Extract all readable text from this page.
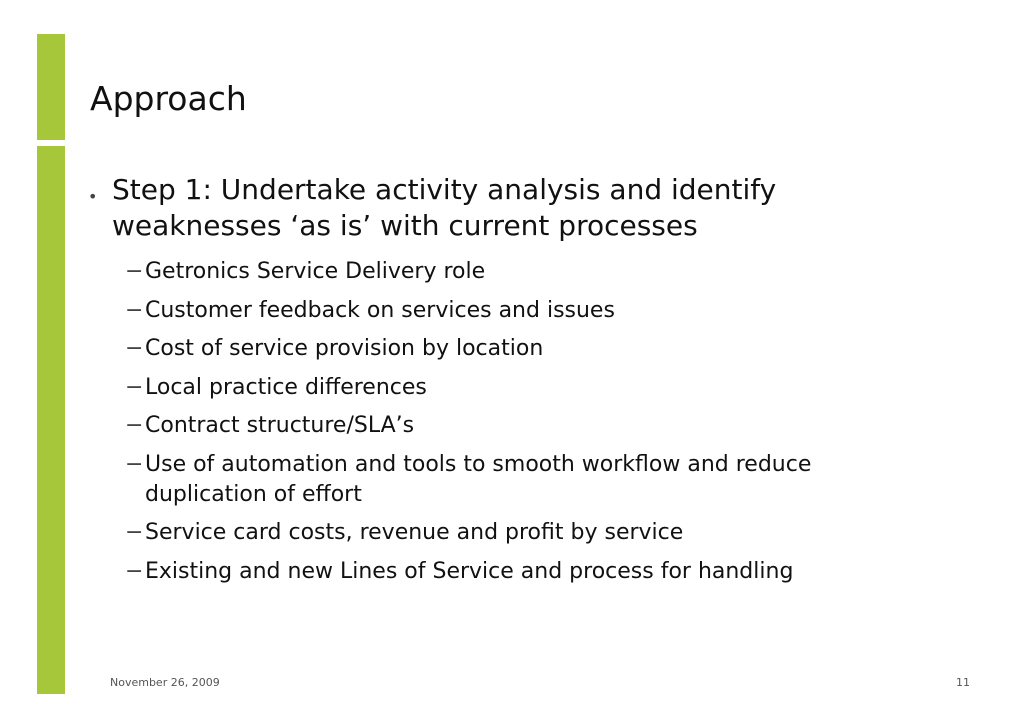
Approach
• Step 1: Undertake activity analysis and identify weaknesses ‘as is’ with current processes
− Getronics Service Delivery role
− Customer feedback on services and issues
− Cost of service provision by location
− Local practice differences
− Contract structure/SLA’s
− Use of automation and tools to smooth workflow and reduce
duplication of effort
− Service card costs, revenue and profit by service
− Existing and new Lines of Service and process for handling
November 26, 2009	11
